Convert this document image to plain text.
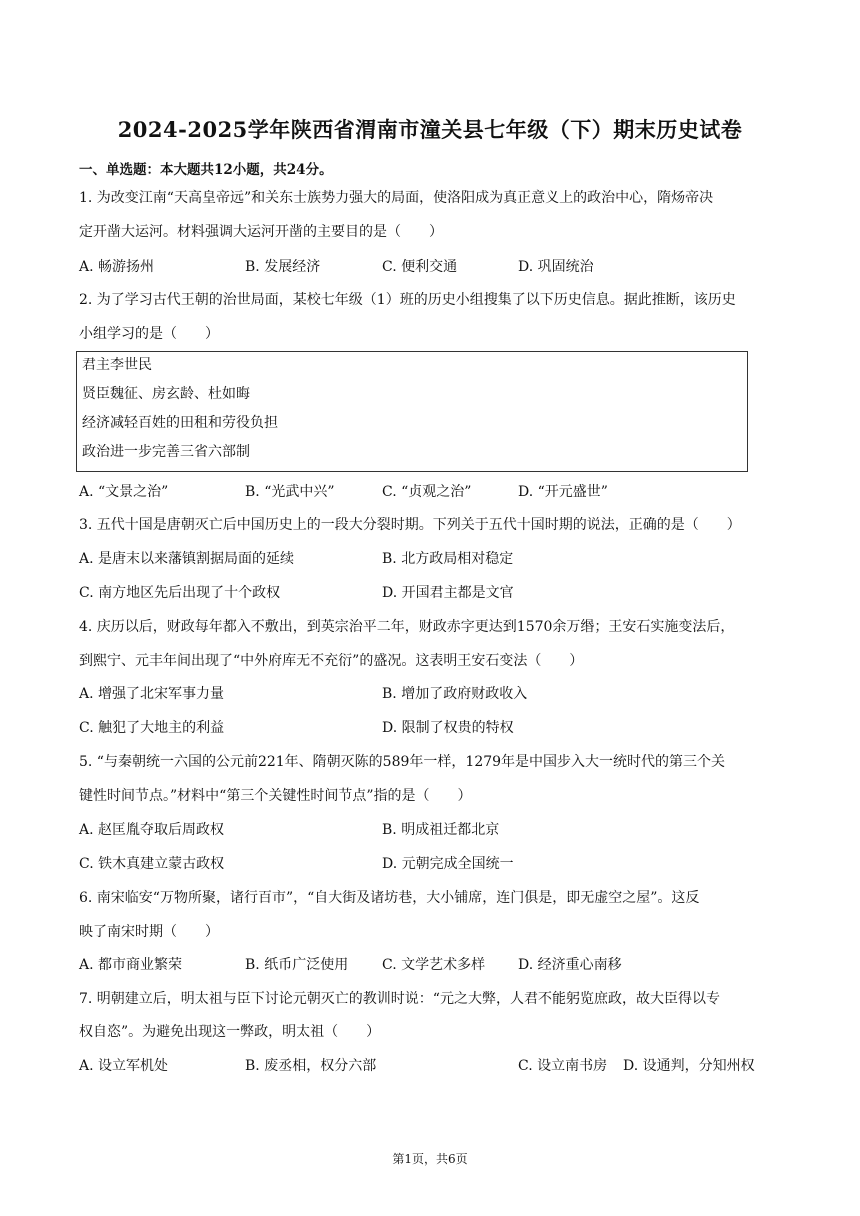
2024-2025学年陕西省渭南市潼关县七年级（下）期末历史试卷
一、单选题：本大题共12小题，共24分。
1. 为改变江南“天高皇帝远”和关东士族势力强大的局面，使洛阳成为真正意义上的政治中心，隋炀帝决
定开凿大运河。材料强调大运河开凿的主要目的是（　　）
A. 畅游扬州	B. 发展经济	C. 便利交通	D. 巩固统治
2. 为了学习古代王朝的治世局面，某校七年级（1）班的历史小组搜集了以下历史信息。据此推断，该历史
小组学习的是（　　）
君主李世民
贤臣魏征、房玄龄、杜如晦
经济减轻百姓的田租和劳役负担
政治进一步完善三省六部制
A. “文景之治”	B. “光武中兴”	C. “贞观之治”	D. “开元盛世”
3. 五代十国是唐朝灭亡后中国历史上的一段大分裂时期。下列关于五代十国时期的说法，正确的是（　　）
A. 是唐末以来藩镇割据局面的延续	B. 北方政局相对稳定
C. 南方地区先后出现了十个政权	D. 开国君主都是文官
4. 庆历以后，财政每年都入不敷出，到英宗治平二年，财政赤字更达到1570余万缗；王安石实施变法后，
到熙宁、元丰年间出现了“中外府库无不充衍”的盛况。这表明王安石变法（　　）
A. 增强了北宋军事力量	B. 增加了政府财政收入
C. 触犯了大地主的利益	D. 限制了权贵的特权
5. “与秦朝统一六国的公元前221年、隋朝灭陈的589年一样，1279年是中国步入大一统时代的第三个关
键性时间节点。”材料中“第三个关键性时间节点”指的是（　　）
A. 赵匡胤夺取后周政权	B. 明成祖迁都北京
C. 铁木真建立蒙古政权	D. 元朝完成全国统一
6. 南宋临安“万物所聚，诸行百市”，“自大街及诸坊巷，大小铺席，连门俱是，即无虚空之屋”。这反
映了南宋时期（　　）
A. 都市商业繁荣	B. 纸币广泛使用 C. 文学艺术多样 D. 经济重心南移
7. 明朝建立后，明太祖与臣下讨论元朝灭亡的教训时说：“元之大弊，人君不能躬览庶政，故大臣得以专
权自恣”。为避免出现这一弊政，明太祖（　　）
A. 设立军机处	B. 废丞相，权分六部	C. 设立南书房 D. 设通判，分知州权
第1页，共6页
